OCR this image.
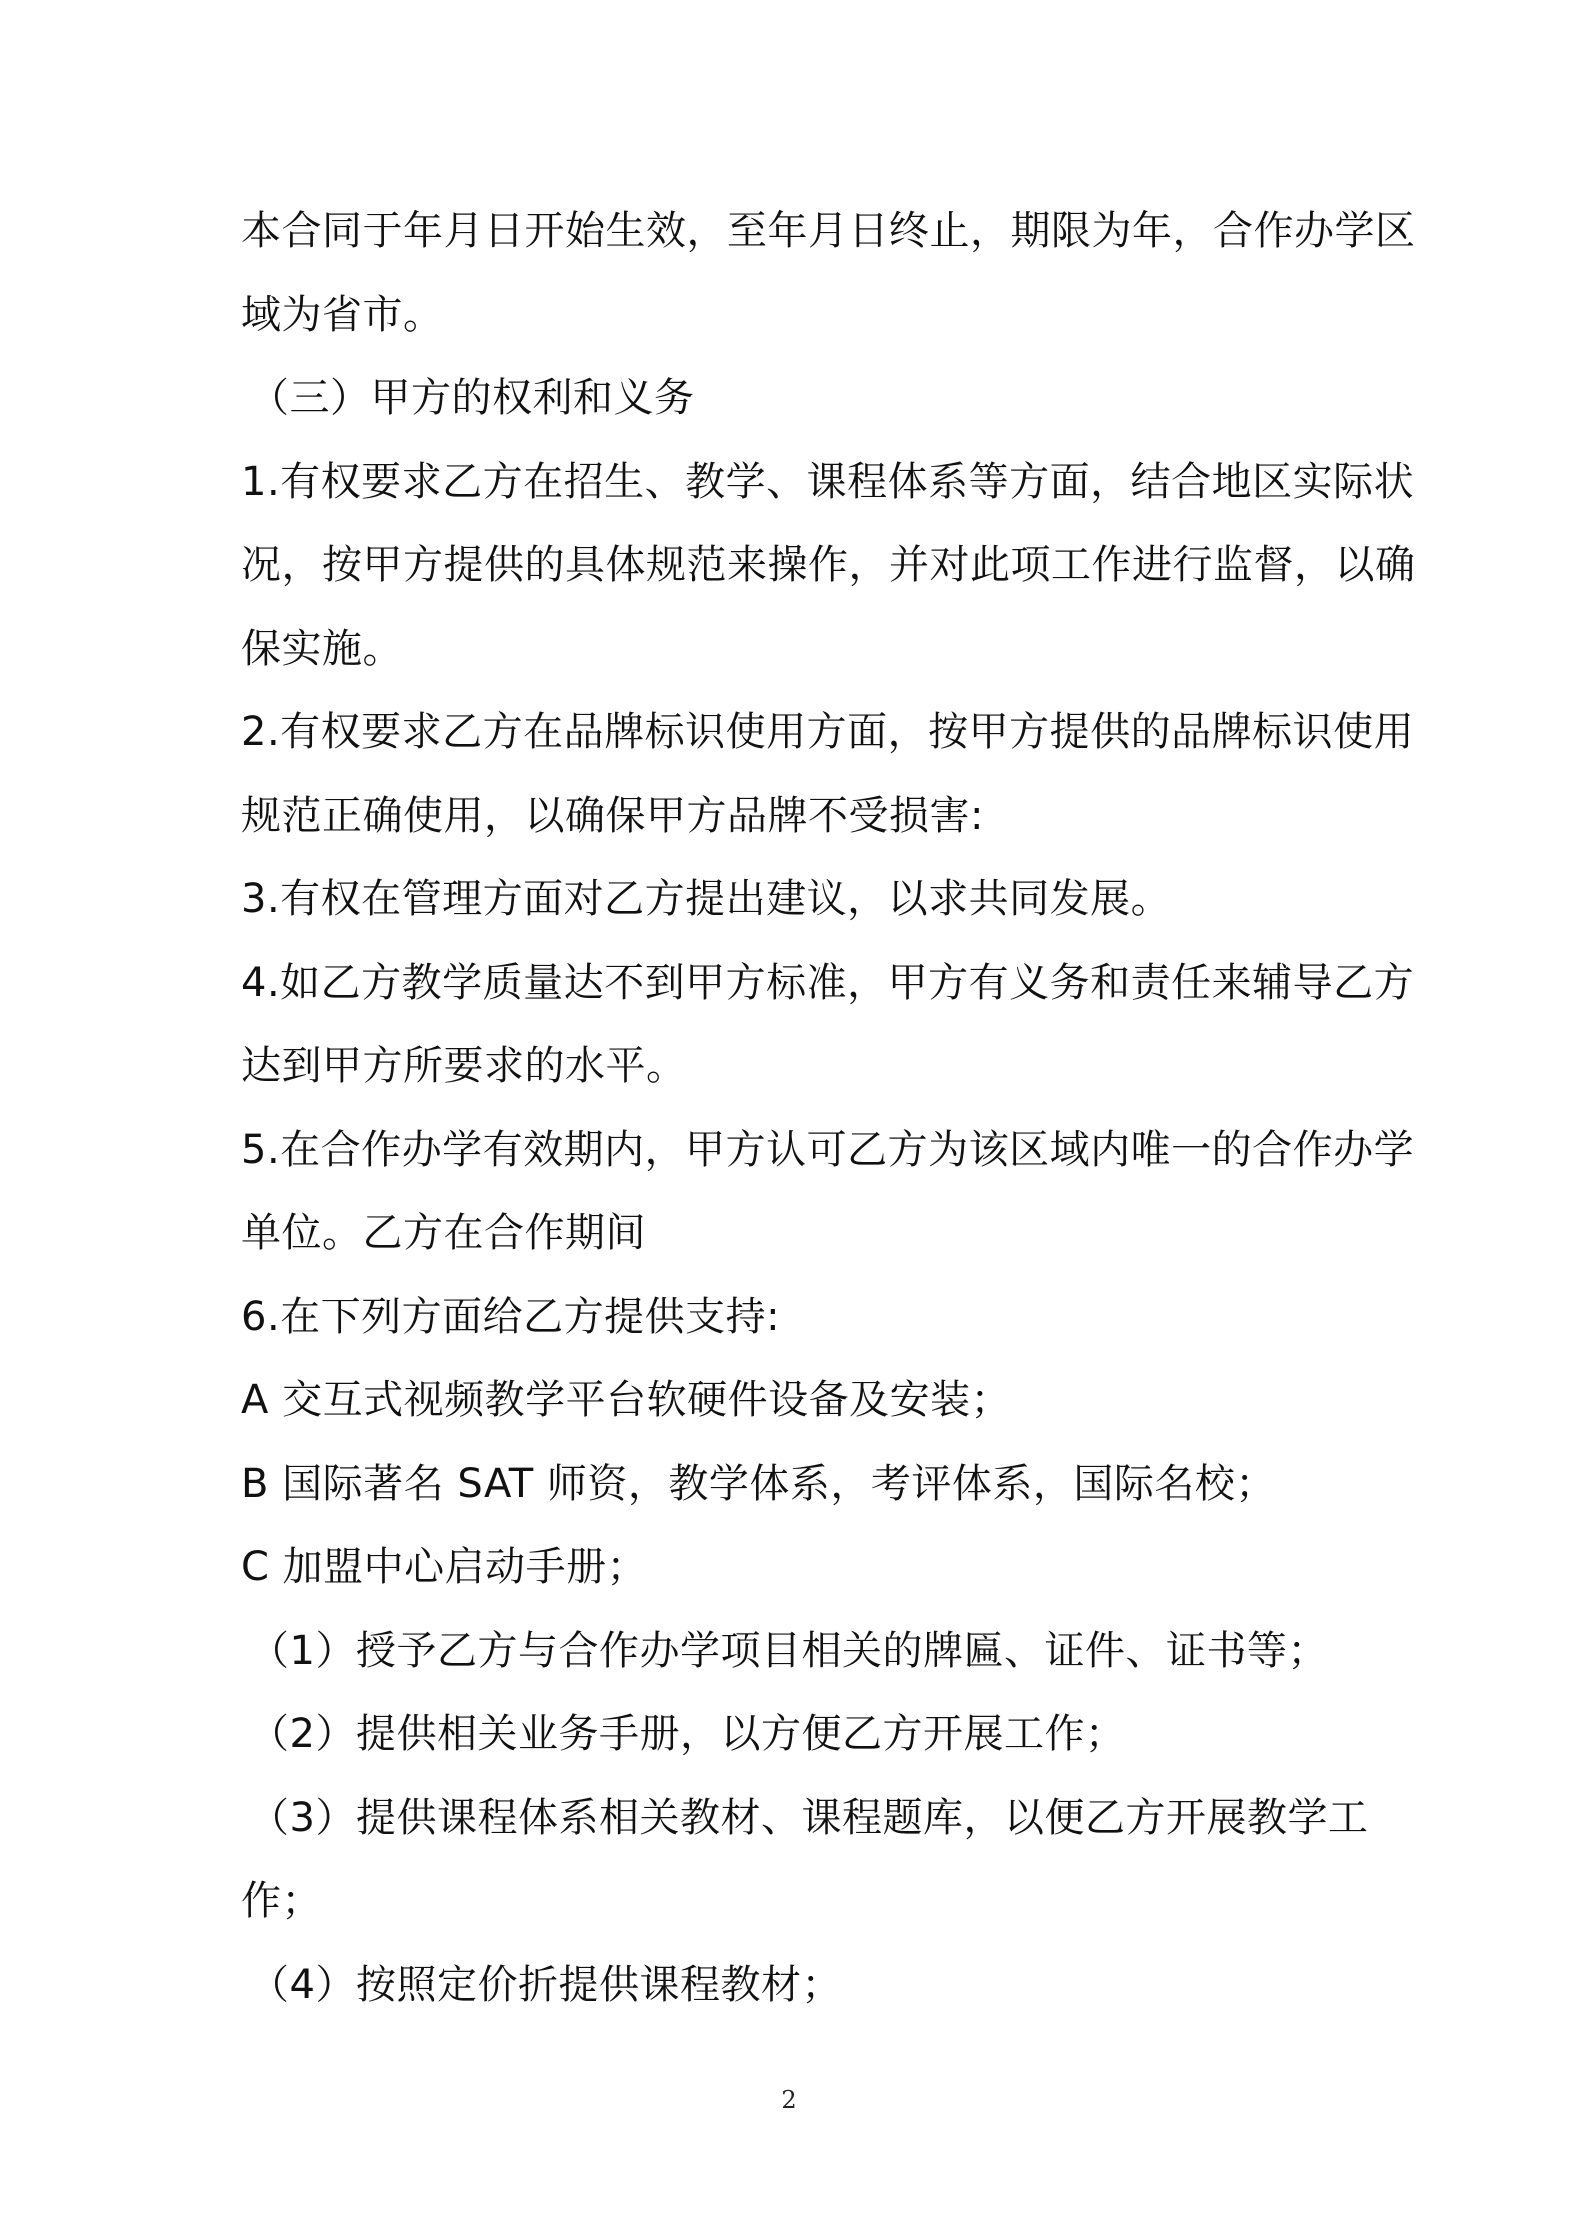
本合同于年月日开始生效，至年月日终止，期限为年，合作办学区
域为省市。
（三）甲方的权利和义务
1.有权要求乙方在招生、教学、课程体系等方面，结合地区实际状
况，按甲方提供的具体规范来操作，并对此项工作进行监督，以确
保实施。
2.有权要求乙方在品牌标识使用方面，按甲方提供的品牌标识使用
规范正确使用，以确保甲方品牌不受损害:
3.有权在管理方面对乙方提出建议，以求共同发展。
4.如乙方教学质量达不到甲方标准，甲方有义务和责任来辅导乙方
达到甲方所要求的水平。
5.在合作办学有效期内，甲方认可乙方为该区域内唯一的合作办学
单位。乙方在合作期间
6.在下列方面给乙方提供支持:
A 交互式视频教学平台软硬件设备及安装；
B 国际著名 SAT 师资，教学体系，考评体系，国际名校；
C 加盟中心启动手册；
（1）授予乙方与合作办学项目相关的牌匾、证件、证书等；
（2）提供相关业务手册，以方便乙方开展工作；
（3）提供课程体系相关教材、课程题库，以便乙方开展教学工
作；
（4）按照定价折提供课程教材；
2
